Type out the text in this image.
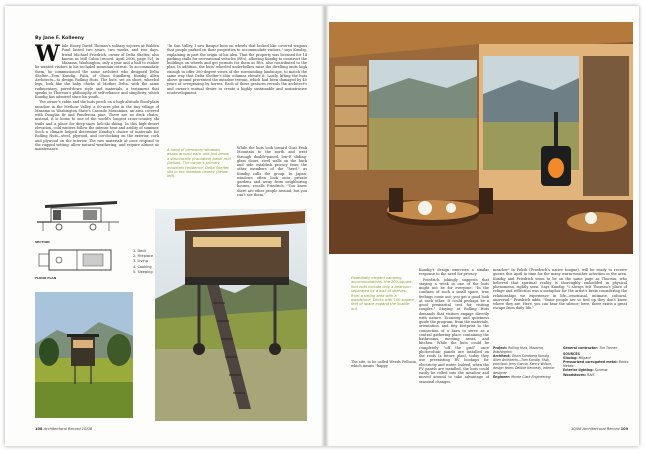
By Jane F. Kolleeny

While Hooey David Thomas's solitary sojourn at Walden Pond lasted two years, two weeks, and two days, friend Michael Friedrich, owner of Delta Shelter, also known as Mill Cabin [record, April 2006, page 92], in Mazama, Washington, only a year and a half to realize he wanted visitors to his secluded mountain retreat. To accommodate them, he commissioned the same architect who designed Delta Shelter—Tom Kundig, FAIA, of Olson Sundberg Kundig Allen Architects—to design Rolling Huts. The huts, set on short, wheeled legs, look like the baby chicks of Mother Delta, with the same rudimentary, pared-down style and materials, a testament that speaks to Thoreau's philosophy of self-reliance and simplicity, which Kundig has admired since his youth.

The owner's cabin and the huts perch on a high-altitude flood-plain meadow in the Methow Valley, a 60-acre plot in the tiny village of Mazama in Washington State's Cascade Mountains, an area covered with Douglas fir and Ponderosa pine. There are no deck chairs; instead, it is home to one of the world's longest cross-country ski trails and a place for deep-snow heli-ski skiing. In this high-desert elevation, cold winters follow the intense heat and aridity of summer. Such a climate helped determine Kundig's choice of materials for Rolling Huts—steel, plywood, and cor-docking on the exterior, cork and plywood on the interior. The raw materials at once respond to the rugged setting, allow natural weathering, and require almost no maintenance.

"In Sun Valley, I saw Basque huts on wheels that looked like covered wagons that people parked on their properties to accommodate visitors," says Kundig, explaining in part the origin of his idea. That the property was licensed for 14 parking stalls for recreational vehicles (RVs), allowing Kundig to construct the buildings on wheels and get permits for them as RVs, also contributed to the plan. In addition, the huts' wheeled underbellies raise the dwelling units high enough to offer 360-degree views of the surrounding landscape, to match the same way that Delta Shelter's thin columns elevate it. Lastly, lifting the huts above ground prevented the meadow terrain, which had been damaged by 40 years of overgrazing by horses. Each of these gestures reveals the architect's and owner's mutual desire to create a highly sustainable and nonintrusive ecodevelopment.

While the huts look toward Goat Peak Mountain to the north and west through double-paned, low-E sliding-glass doors, steel walls on the back and side establish privacy from the other members of the "herd," as Kundig calls the group. In Japan, windows often look onto private gardens and away from neighboring houses, recalls Friedrich. "You know there are other people around, but you can't see them."

A band of clerestory windows wraps around each unit just below a structurally (insulated) panel roof (below). The owner's primary mountain residence, Delta Shelter, sits in the meadow nearby (below left).
SECTION
FLOOR PLAN
1. Deck
2. Fireplace
3. Living
4. Cooking
5. Sleeping
108 Architectural Record 10/08
Essentially elegant camping accommodations, the 200-square-foot huts include only a bedroom separated by a wall of shelves from a sitting area with a woodstove. Decks with 100 square feet of space expand the livable out-

Kundig's design exercises a similar response to the need for privacy.

Friedrich jokingly suggests that staying a week in one of the huts might not be for everyone: "In the confines of such a small space, true feelings come out; you get a good look at each other. It could perhaps be a good premarital test for visiting couples." Staying at Rolling Huts demands that visitors engage directly with nature. Economy and quietness guide the program, from the materials, orientation, and tiny footprint to the connection of a barn to serve as a central gathering place containing the bathrooms, meeting areas, and kitchen. While the huts could be completely "off the grid" once photovoltaic panels are installed on the roofs (a future plan), today they use preexisting RV hookups for electricity and water. Indeed, when the PV panels are installed, the huts could easily be rolled into the meadow and moved around to take advantage of seasonal changes.

The site, to be called Weeds Pellucia, which means "happy

meadow" in Polish (Friedrich's native tongue), will be ready to receive guests this April in time for the many warm-weather activities in the area. Kundig and Friedrich seem to be on the same page as Thoreau, who believed that spiritual reality is thoroughly embedded in physical phenomena, rightly seen. Says Kundig: "I always felt Thoreau's place of refuge and reflection was a metaphor for the artist's brain considering the relationships we experience in life—emotional, intimate, cultural, universal." Friedrich adds, "Some people are so tied up they don't know where they are. Here, you can hear the silence; here, there exists a great escape from daily life."

Project: Rolling Huts, Mazama, Washington
Architect: Olson Sundberg Kundig Allen Architects—Tom Kundig, FAIA, principal; Jerry Garcia, Kenny Wilson, design team; Debbie Kennedy, interior designer
Engineer: Monte Clark Engineering
General contractor: Tim Tanner
SOURCES
Glazing: Milgard
Pressurized corrugated metal: Banks Metals
Exterior lighting: Sunmax
Woodstoves: RAIS
10/08 Architectural Record 109
